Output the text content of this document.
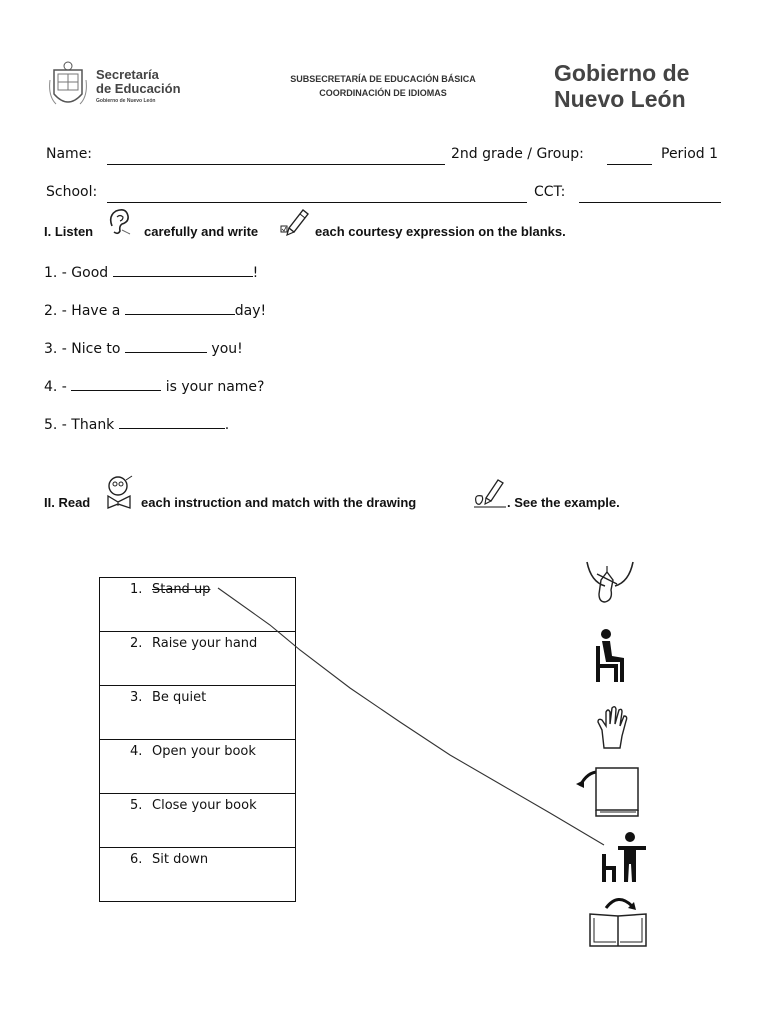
Secretaría
de Educación
Gobierno de Nuevo León
SUBSECRETARÍA DE EDUCACIÓN BÁSICA
COORDINACIÓN DE IDIOMAS
Gobierno de
Nuevo León
Name:	2nd grade / Group:	Period 1
School:	CCT:
I. Listen	carefully and write	each courtesy expression on the blanks.
1. - Good	!
2. - Have a	day!
3. - Nice to	you!
4. -	is your name?
5. - Thank	.
II. Read	each instruction and match with the drawing	. See the example.
1. Stand up
2. Raise your hand
3. Be quiet
4. Open your book
5. Close your book
6. Sit down
